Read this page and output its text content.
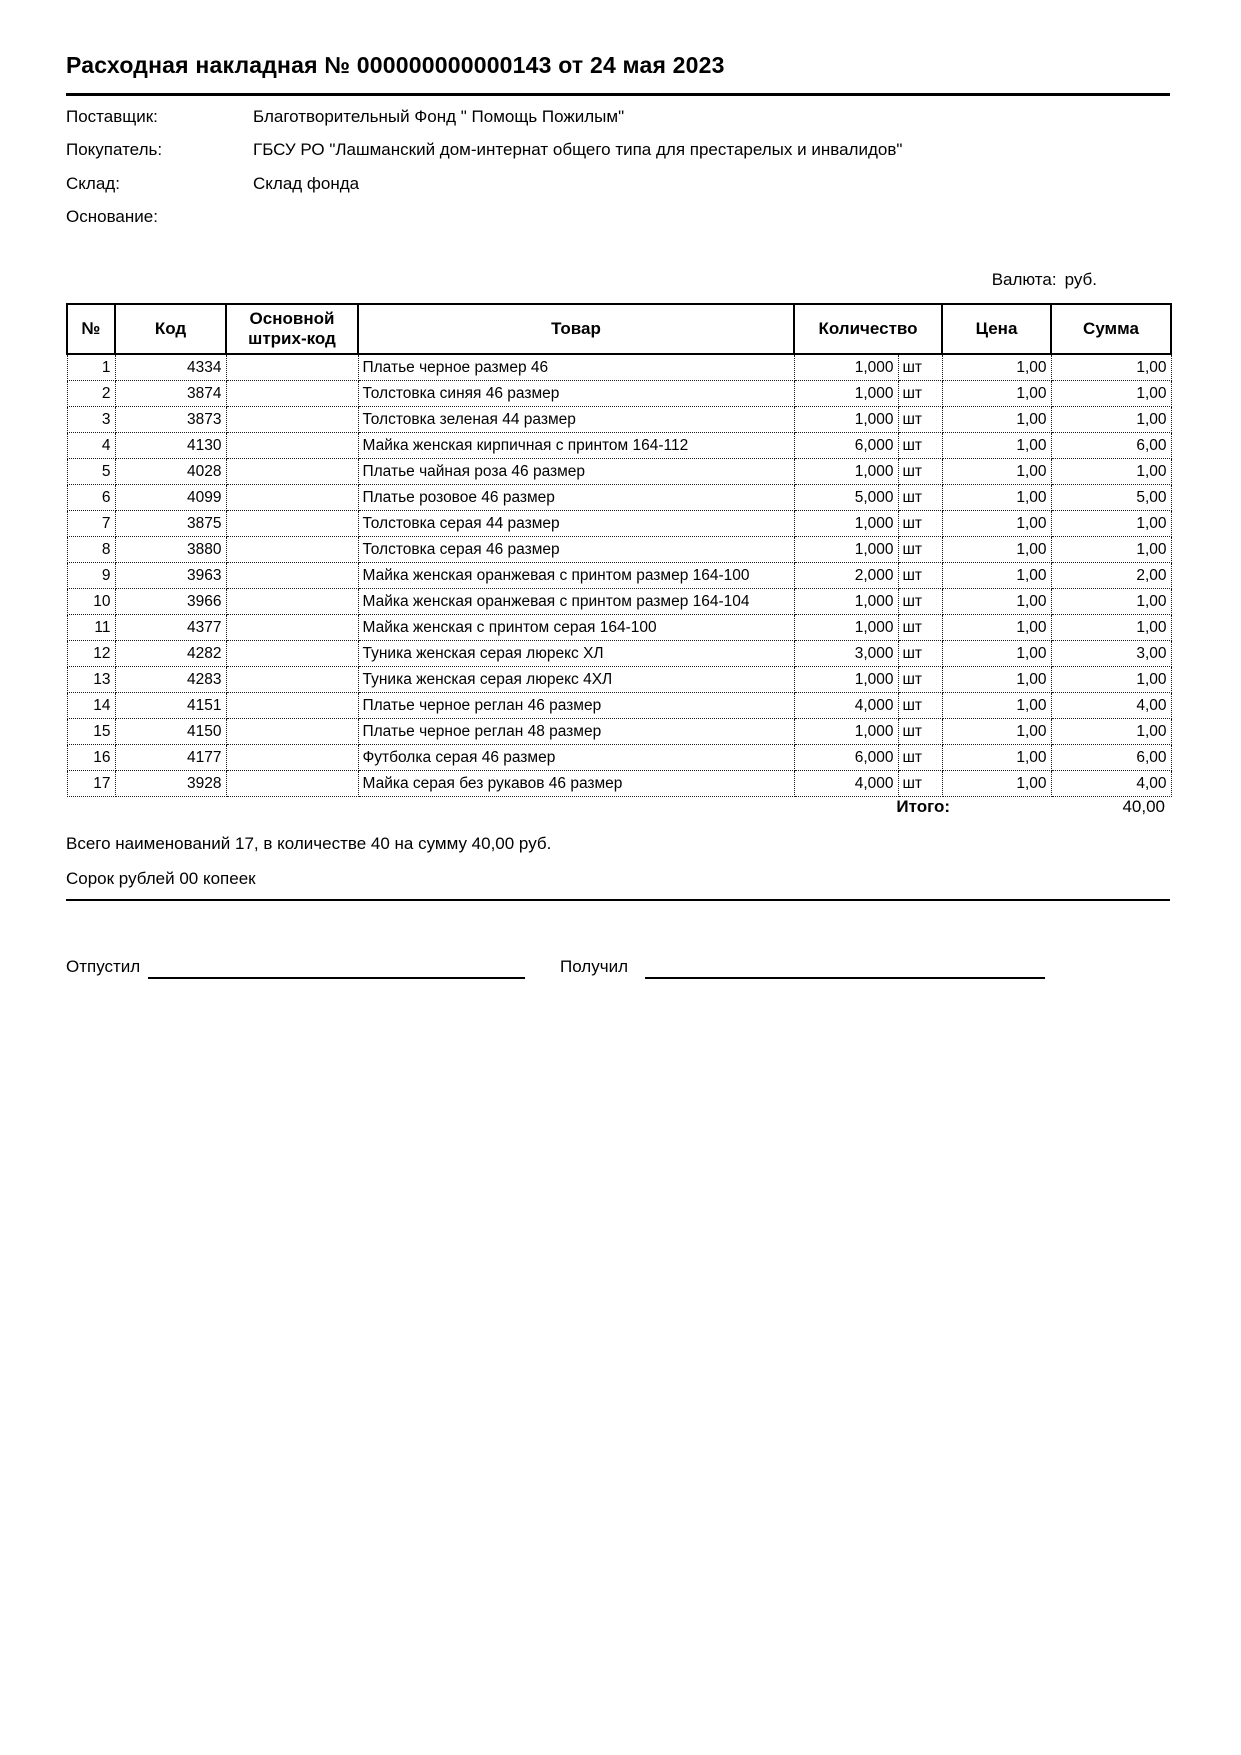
Расходная накладная № 000000000000143 от 24 мая 2023
Поставщик:	Благотворительный Фонд " Помощь Пожилым"
Покупатель:	ГБСУ РО "Лашманский дом-интернат общего типа для престарелых и инвалидов"
Склад:	Склад фонда
Основание:
Валюта: руб.
№	Код	Основной штрих-код	Товар	Количество		Цена	Сумма
1	4334		Платье черное размер 46	1,000	шт	1,00	1,00
2	3874		Толстовка синяя 46 размер	1,000	шт	1,00	1,00
3	3873		Толстовка зеленая 44 размер	1,000	шт	1,00	1,00
4	4130		Майка женская кирпичная с принтом 164-112	6,000	шт	1,00	6,00
5	4028		Платье чайная роза 46 размер	1,000	шт	1,00	1,00
6	4099		Платье розовое 46 размер	5,000	шт	1,00	5,00
7	3875		Толстовка серая 44 размер	1,000	шт	1,00	1,00
8	3880		Толстовка серая 46 размер	1,000	шт	1,00	1,00
9	3963		Майка женская оранжевая с принтом размер 164-100	2,000	шт	1,00	2,00
10	3966		Майка женская оранжевая с принтом размер 164-104	1,000	шт	1,00	1,00
11	4377		Майка женская с принтом серая 164-100	1,000	шт	1,00	1,00
12	4282		Туника женская серая люрекс ХЛ	3,000	шт	1,00	3,00
13	4283		Туника женская серая люрекс 4ХЛ	1,000	шт	1,00	1,00
14	4151		Платье черное реглан 46 размер	4,000	шт	1,00	4,00
15	4150		Платье черное реглан 48 размер	1,000	шт	1,00	1,00
16	4177		Футболка серая 46 размер	6,000	шт	1,00	6,00
17	3928		Майка серая без рукавов 46 размер	4,000	шт	1,00	4,00
Итого:	40,00
Всего наименований 17, в количестве 40 на сумму 40,00 руб.
Сорок рублей 00 копеек
Отпустил	Получил
